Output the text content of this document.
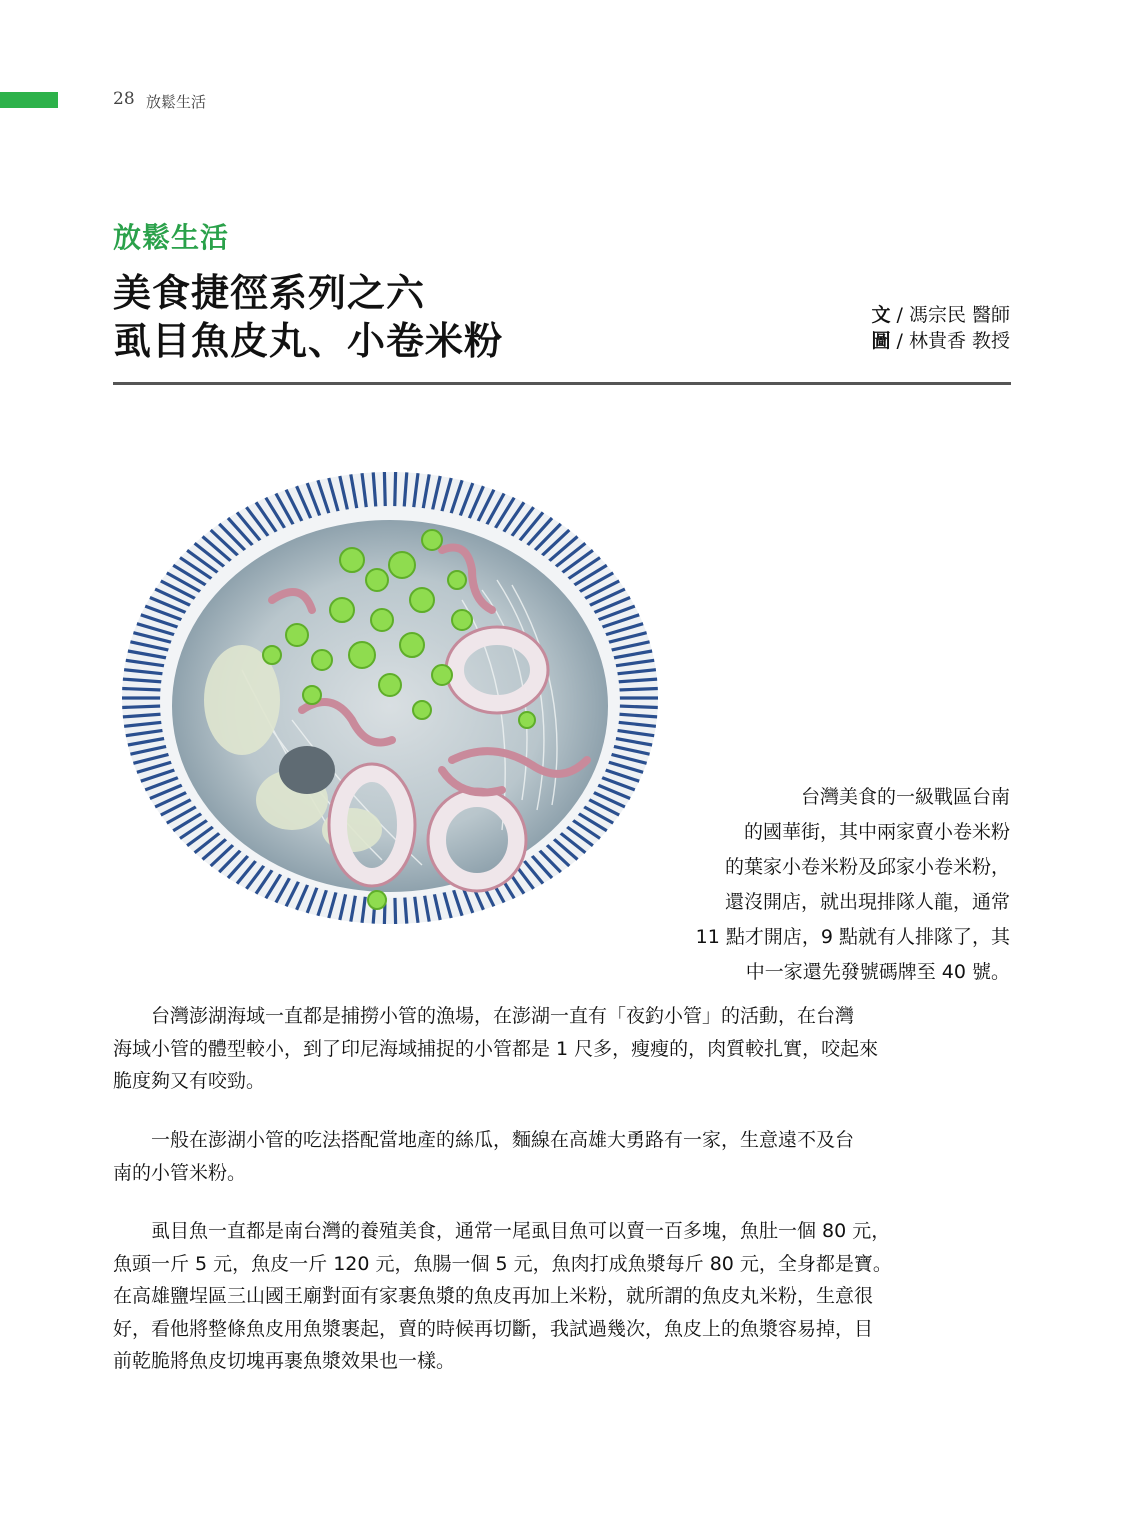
28 放鬆生活
放鬆生活
美食捷徑系列之六
虱目魚皮丸、小卷米粉
文 / 馮宗民 醫師
圖 / 林貴香 教授
台灣美食的一級戰區台南
的國華街，其中兩家賣小卷米粉
的葉家小卷米粉及邱家小卷米粉，
還沒開店，就出現排隊人龍，通常
11 點才開店，9 點就有人排隊了，其
中一家還先發號碼牌至 40 號。
　　台灣澎湖海域一直都是捕撈小管的漁場，在澎湖一直有「夜釣小管」的活動，在台灣
海域小管的體型較小，到了印尼海域捕捉的小管都是 1 尺多，瘦瘦的，肉質較扎實，咬起來
脆度夠又有咬勁。
　　一般在澎湖小管的吃法搭配當地產的絲瓜，麵線在高雄大勇路有一家，生意遠不及台
南的小管米粉。
　　虱目魚一直都是南台灣的養殖美食，通常一尾虱目魚可以賣一百多塊，魚肚一個 80 元，
魚頭一斤 5 元，魚皮一斤 120 元，魚腸一個 5 元，魚肉打成魚漿每斤 80 元，全身都是寶。
在高雄鹽埕區三山國王廟對面有家裹魚漿的魚皮再加上米粉，就所謂的魚皮丸米粉，生意很
好，看他將整條魚皮用魚漿裹起，賣的時候再切斷，我試過幾次，魚皮上的魚漿容易掉，目
前乾脆將魚皮切塊再裹魚漿效果也一樣。
